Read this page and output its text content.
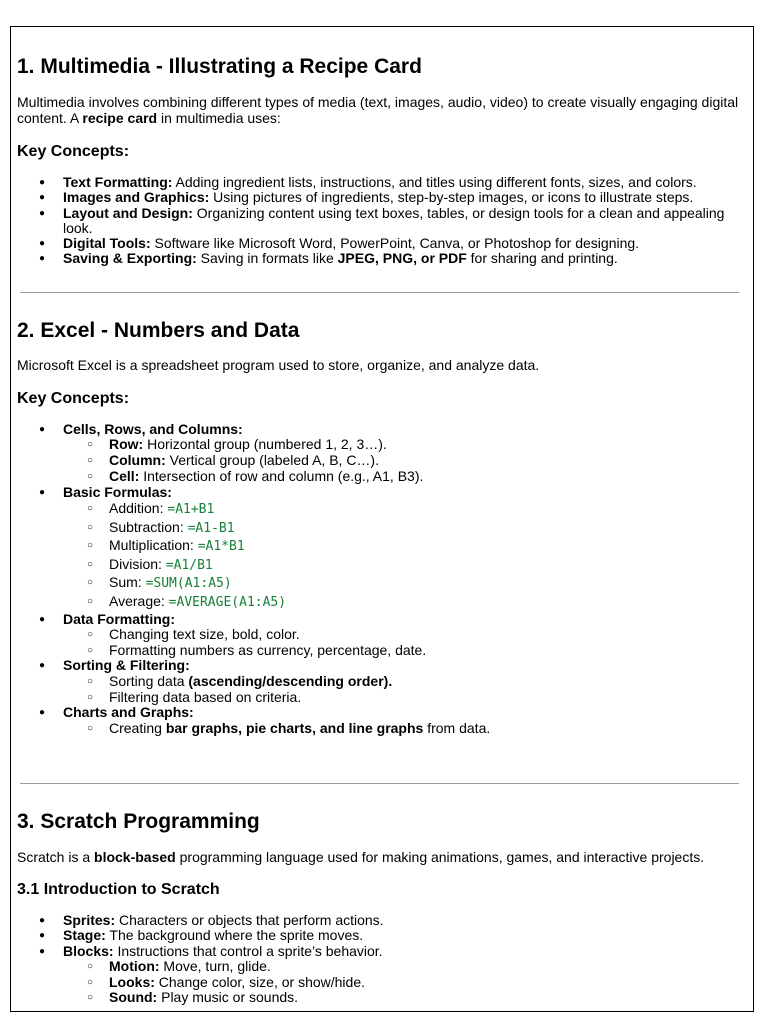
1. Multimedia - Illustrating a Recipe Card

Multimedia involves combining different types of media (text, images, audio, video) to create visually engaging digital content. A recipe card in multimedia uses:

Key Concepts:
● Text Formatting: Adding ingredient lists, instructions, and titles using different fonts, sizes, and colors.
● Images and Graphics: Using pictures of ingredients, step-by-step images, or icons to illustrate steps.
● Layout and Design: Organizing content using text boxes, tables, or design tools for a clean and appealing look.
● Digital Tools: Software like Microsoft Word, PowerPoint, Canva, or Photoshop for designing.
● Saving & Exporting: Saving in formats like JPEG, PNG, or PDF for sharing and printing.
2. Excel - Numbers and Data

Microsoft Excel is a spreadsheet program used to store, organize, and analyze data.

Key Concepts:
● Cells, Rows, and Columns:
○ Row: Horizontal group (numbered 1, 2, 3…).
○ Column: Vertical group (labeled A, B, C…).
○ Cell: Intersection of row and column (e.g., A1, B3).
● Basic Formulas:
○ Addition: =A1+B1
○ Subtraction: =A1-B1
○ Multiplication: =A1*B1
○ Division: =A1/B1
○ Sum: =SUM(A1:A5)
○ Average: =AVERAGE(A1:A5)
● Data Formatting:
○ Changing text size, bold, color.
○ Formatting numbers as currency, percentage, date.
● Sorting & Filtering:
○ Sorting data (ascending/descending order).
○ Filtering data based on criteria.
● Charts and Graphs:
○ Creating bar graphs, pie charts, and line graphs from data.
3. Scratch Programming

Scratch is a block-based programming language used for making animations, games, and interactive projects.

3.1 Introduction to Scratch
● Sprites: Characters or objects that perform actions.
● Stage: The background where the sprite moves.
● Blocks: Instructions that control a sprite’s behavior.
○ Motion: Move, turn, glide.
○ Looks: Change color, size, or show/hide.
○ Sound: Play music or sounds.
